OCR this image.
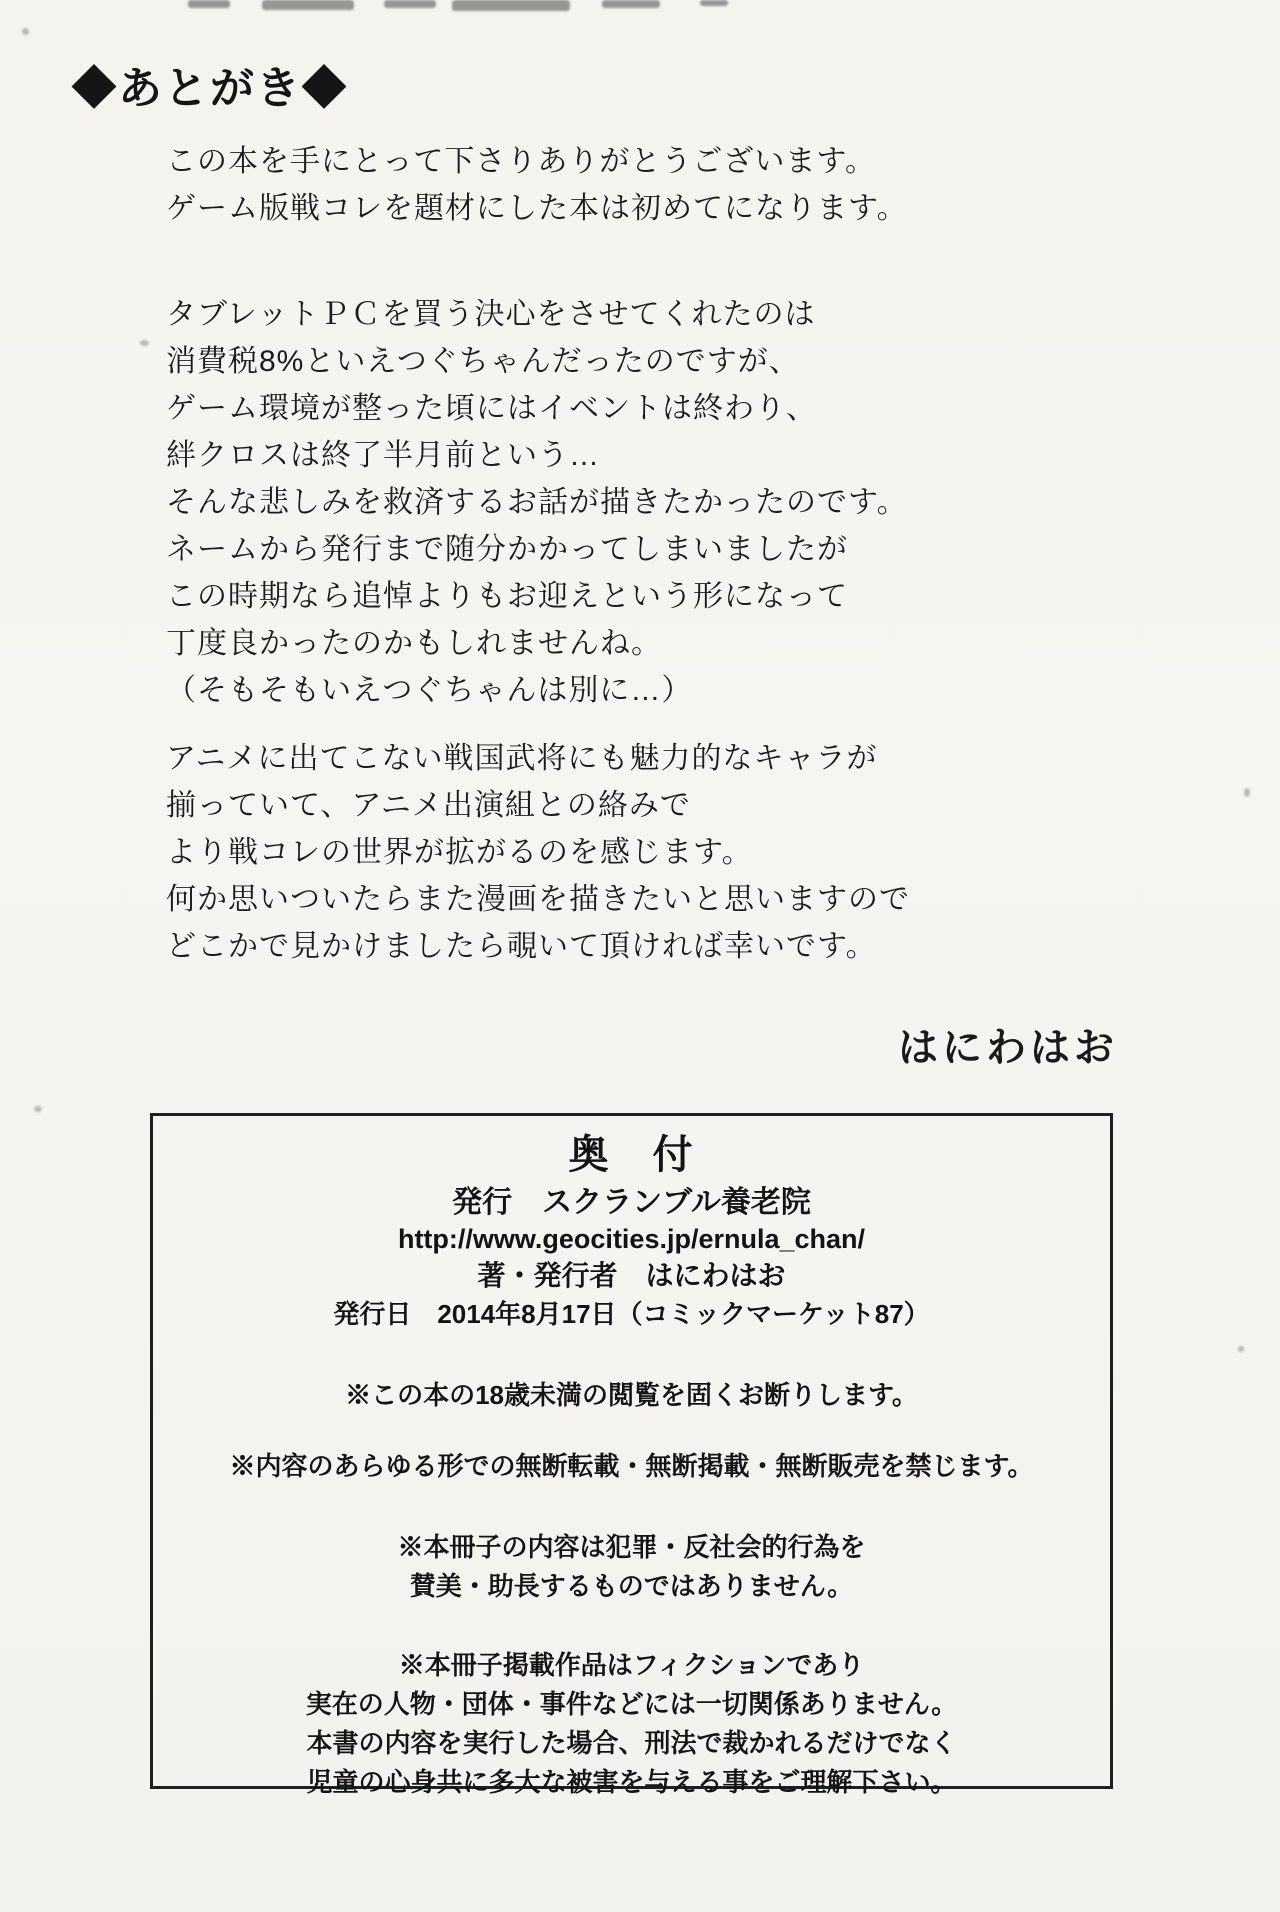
◆あとがき◆
この本を手にとって下さりありがとうございます。
ゲーム版戦コレを題材にした本は初めてになります。
タブレットＰＣを買う決心をさせてくれたのは
消費税8%といえつぐちゃんだったのですが、
ゲーム環境が整った頃にはイベントは終わり、
絆クロスは終了半月前という…
そんな悲しみを救済するお話が描きたかったのです。
ネームから発行まで随分かかってしまいましたが
この時期なら追悼よりもお迎えという形になって
丁度良かったのかもしれませんね。
（そもそもいえつぐちゃんは別に…）
アニメに出てこない戦国武将にも魅力的なキャラが
揃っていて、アニメ出演組との絡みで
より戦コレの世界が拡がるのを感じます。
何か思いついたらまた漫画を描きたいと思いますので
どこかで見かけましたら覗いて頂ければ幸いです。
はにわはお
奥　付
発行　スクランブル養老院
http://www.geocities.jp/ernula_chan/
著・発行者　はにわはお
発行日　2014年8月17日（コミックマーケット87）
※この本の18歳未満の閲覧を固くお断りします。
※内容のあらゆる形での無断転載・無断掲載・無断販売を禁じます。
※本冊子の内容は犯罪・反社会的行為を
賛美・助長するものではありません。
※本冊子掲載作品はフィクションであり
実在の人物・団体・事件などには一切関係ありません。
本書の内容を実行した場合、刑法で裁かれるだけでなく
児童の心身共に多大な被害を与える事をご理解下さい。
